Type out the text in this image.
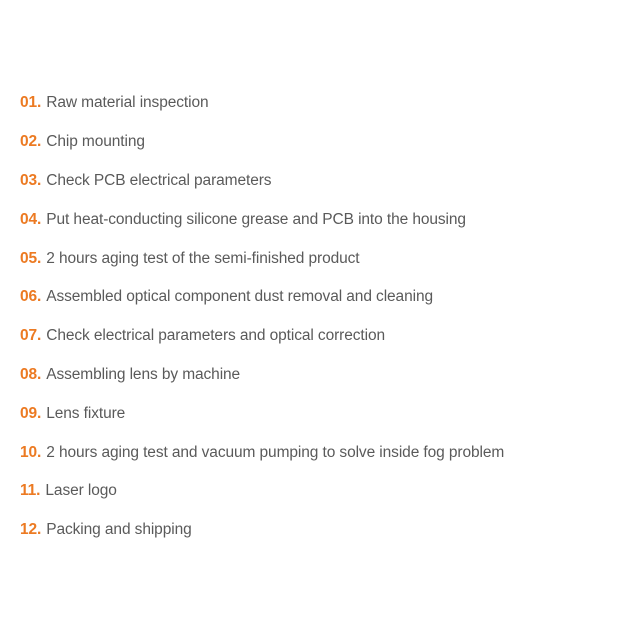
01. Raw material inspection
02. Chip mounting
03. Check PCB electrical parameters
04. Put heat-conducting silicone grease and PCB into the housing
05. 2 hours aging test of the semi-finished product
06. Assembled optical component dust removal and cleaning
07. Check electrical parameters and optical correction
08. Assembling lens by machine
09. Lens fixture
10. 2 hours aging test and vacuum pumping to solve inside fog problem
11. Laser logo
12. Packing and shipping
